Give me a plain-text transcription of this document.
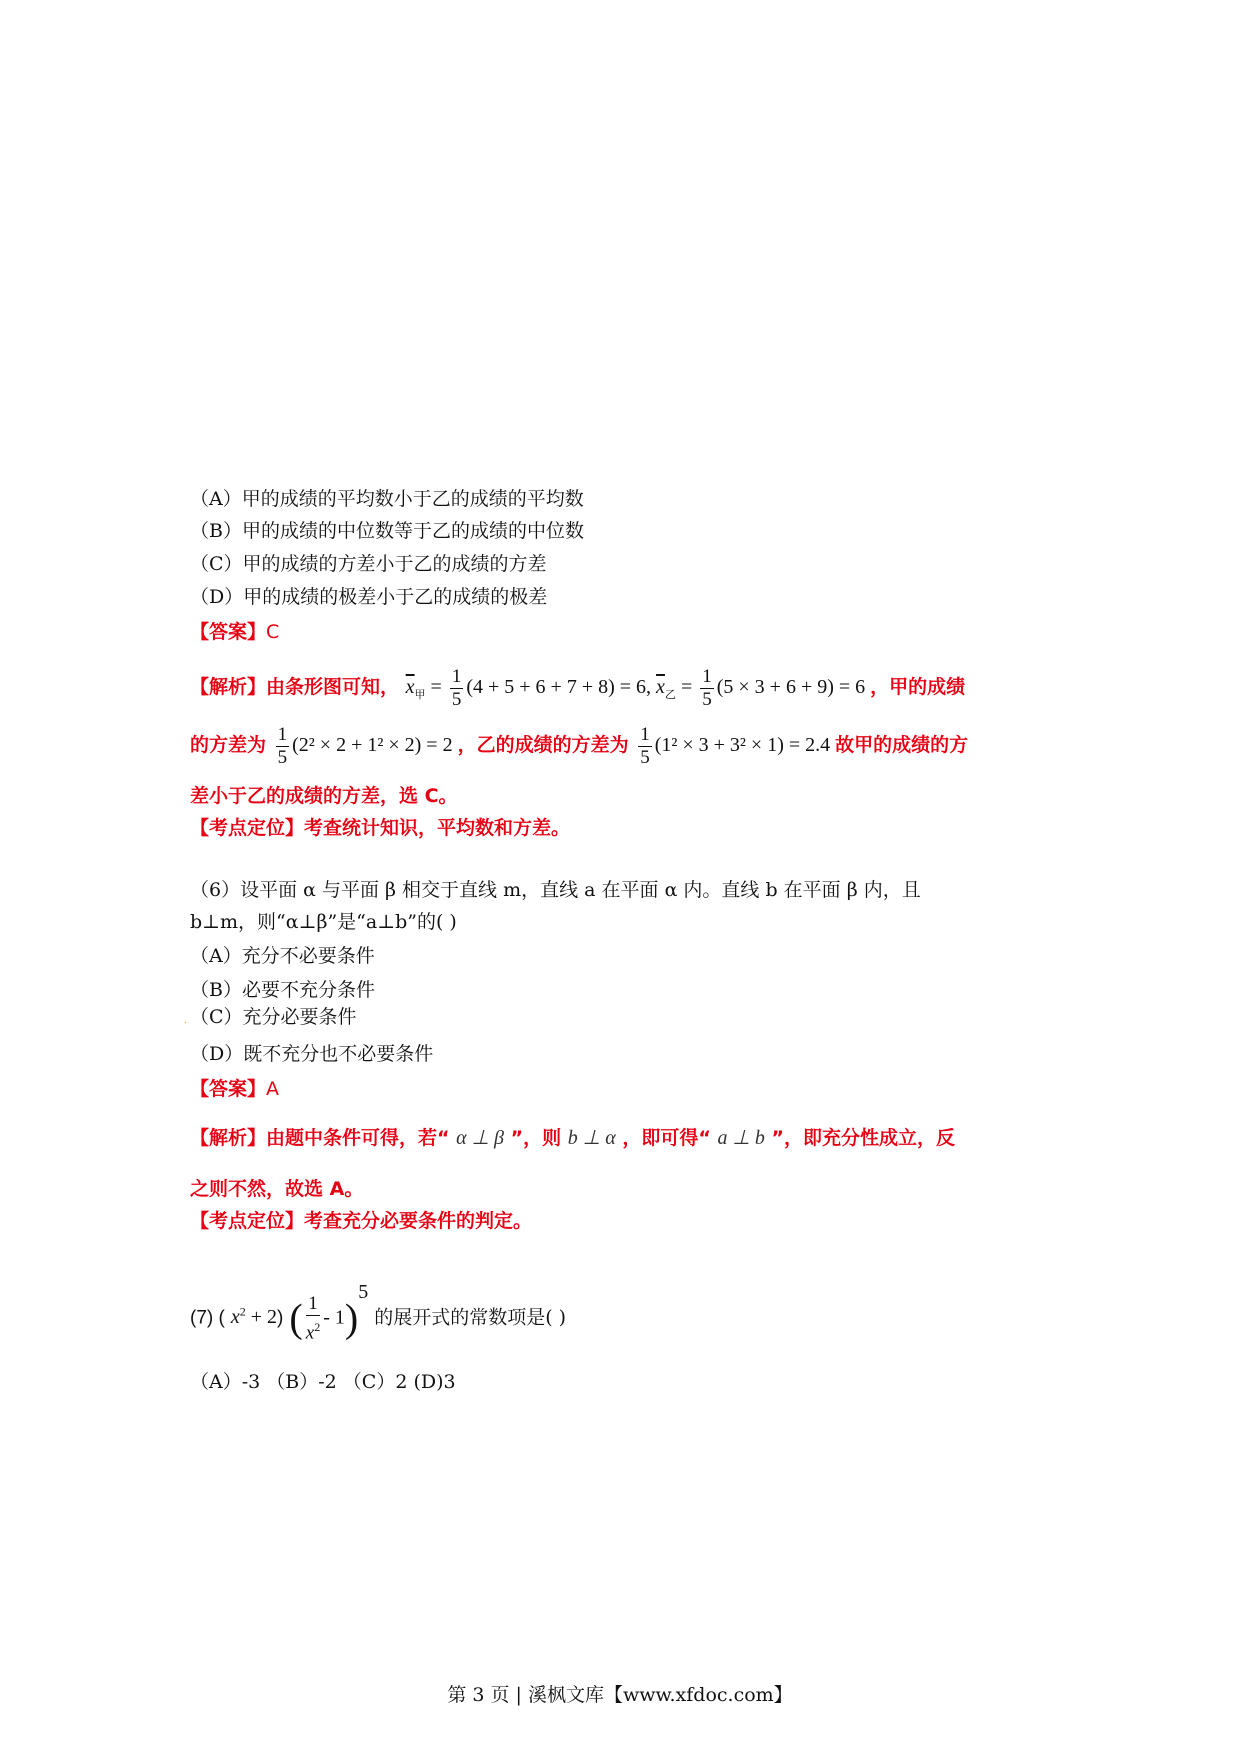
（A）甲的成绩的平均数小于乙的成绩的平均数
（B）甲的成绩的中位数等于乙的成绩的中位数
（C）甲的成绩的方差小于乙的成绩的方差
（D）甲的成绩的极差小于乙的成绩的极差
【答案】C
【解析】由条形图可知， $\overline{x}_甲 = \frac{1}{5} (4 + 5 + 6 + 7 + 8) = 6$, $\overline{x}_乙 = \frac{1}{5} (5 \times 3 + 6 + 9) = 6$ ，甲的成绩
的方差为 $\frac{1}{5} (2^2 \times 2 + 1^2 \times 2) = 2$ ，乙的成绩的方差为 $\frac{1}{5} (1^2 \times 3 + 3^2 \times 1) = 2.4$ 故甲的成绩的方
差小于乙的成绩的方差，选 C。
【考点定位】考查统计知识，平均数和方差。
（6）设平面 α 与平面 β 相交于直线 m，直线 a 在平面 α 内。直线 b 在平面 β 内，且
b⊥m，则“α⊥β”是“a⊥b”的( )
（A）充分不必要条件
（B）必要不充分条件
. （C）充分必要条件
（D）既不充分也不必要条件
【答案】A
【解析】由题中条件可得，若“ α ⊥ β ”，则 b ⊥ α ，即可得“ a ⊥ b ”，即充分性成立，反
之则不然，故选 A。
【考点定位】考查充分必要条件的判定。
(7) ( $x^2 + 2$) ( $\frac{1}{x^2} - 1)^5$ 的展开式的常数项是( )
（A）-3 （B）-2 （C）2 (D)3
第 3 页 | 溪枫文库【www.xfdoc.com】
